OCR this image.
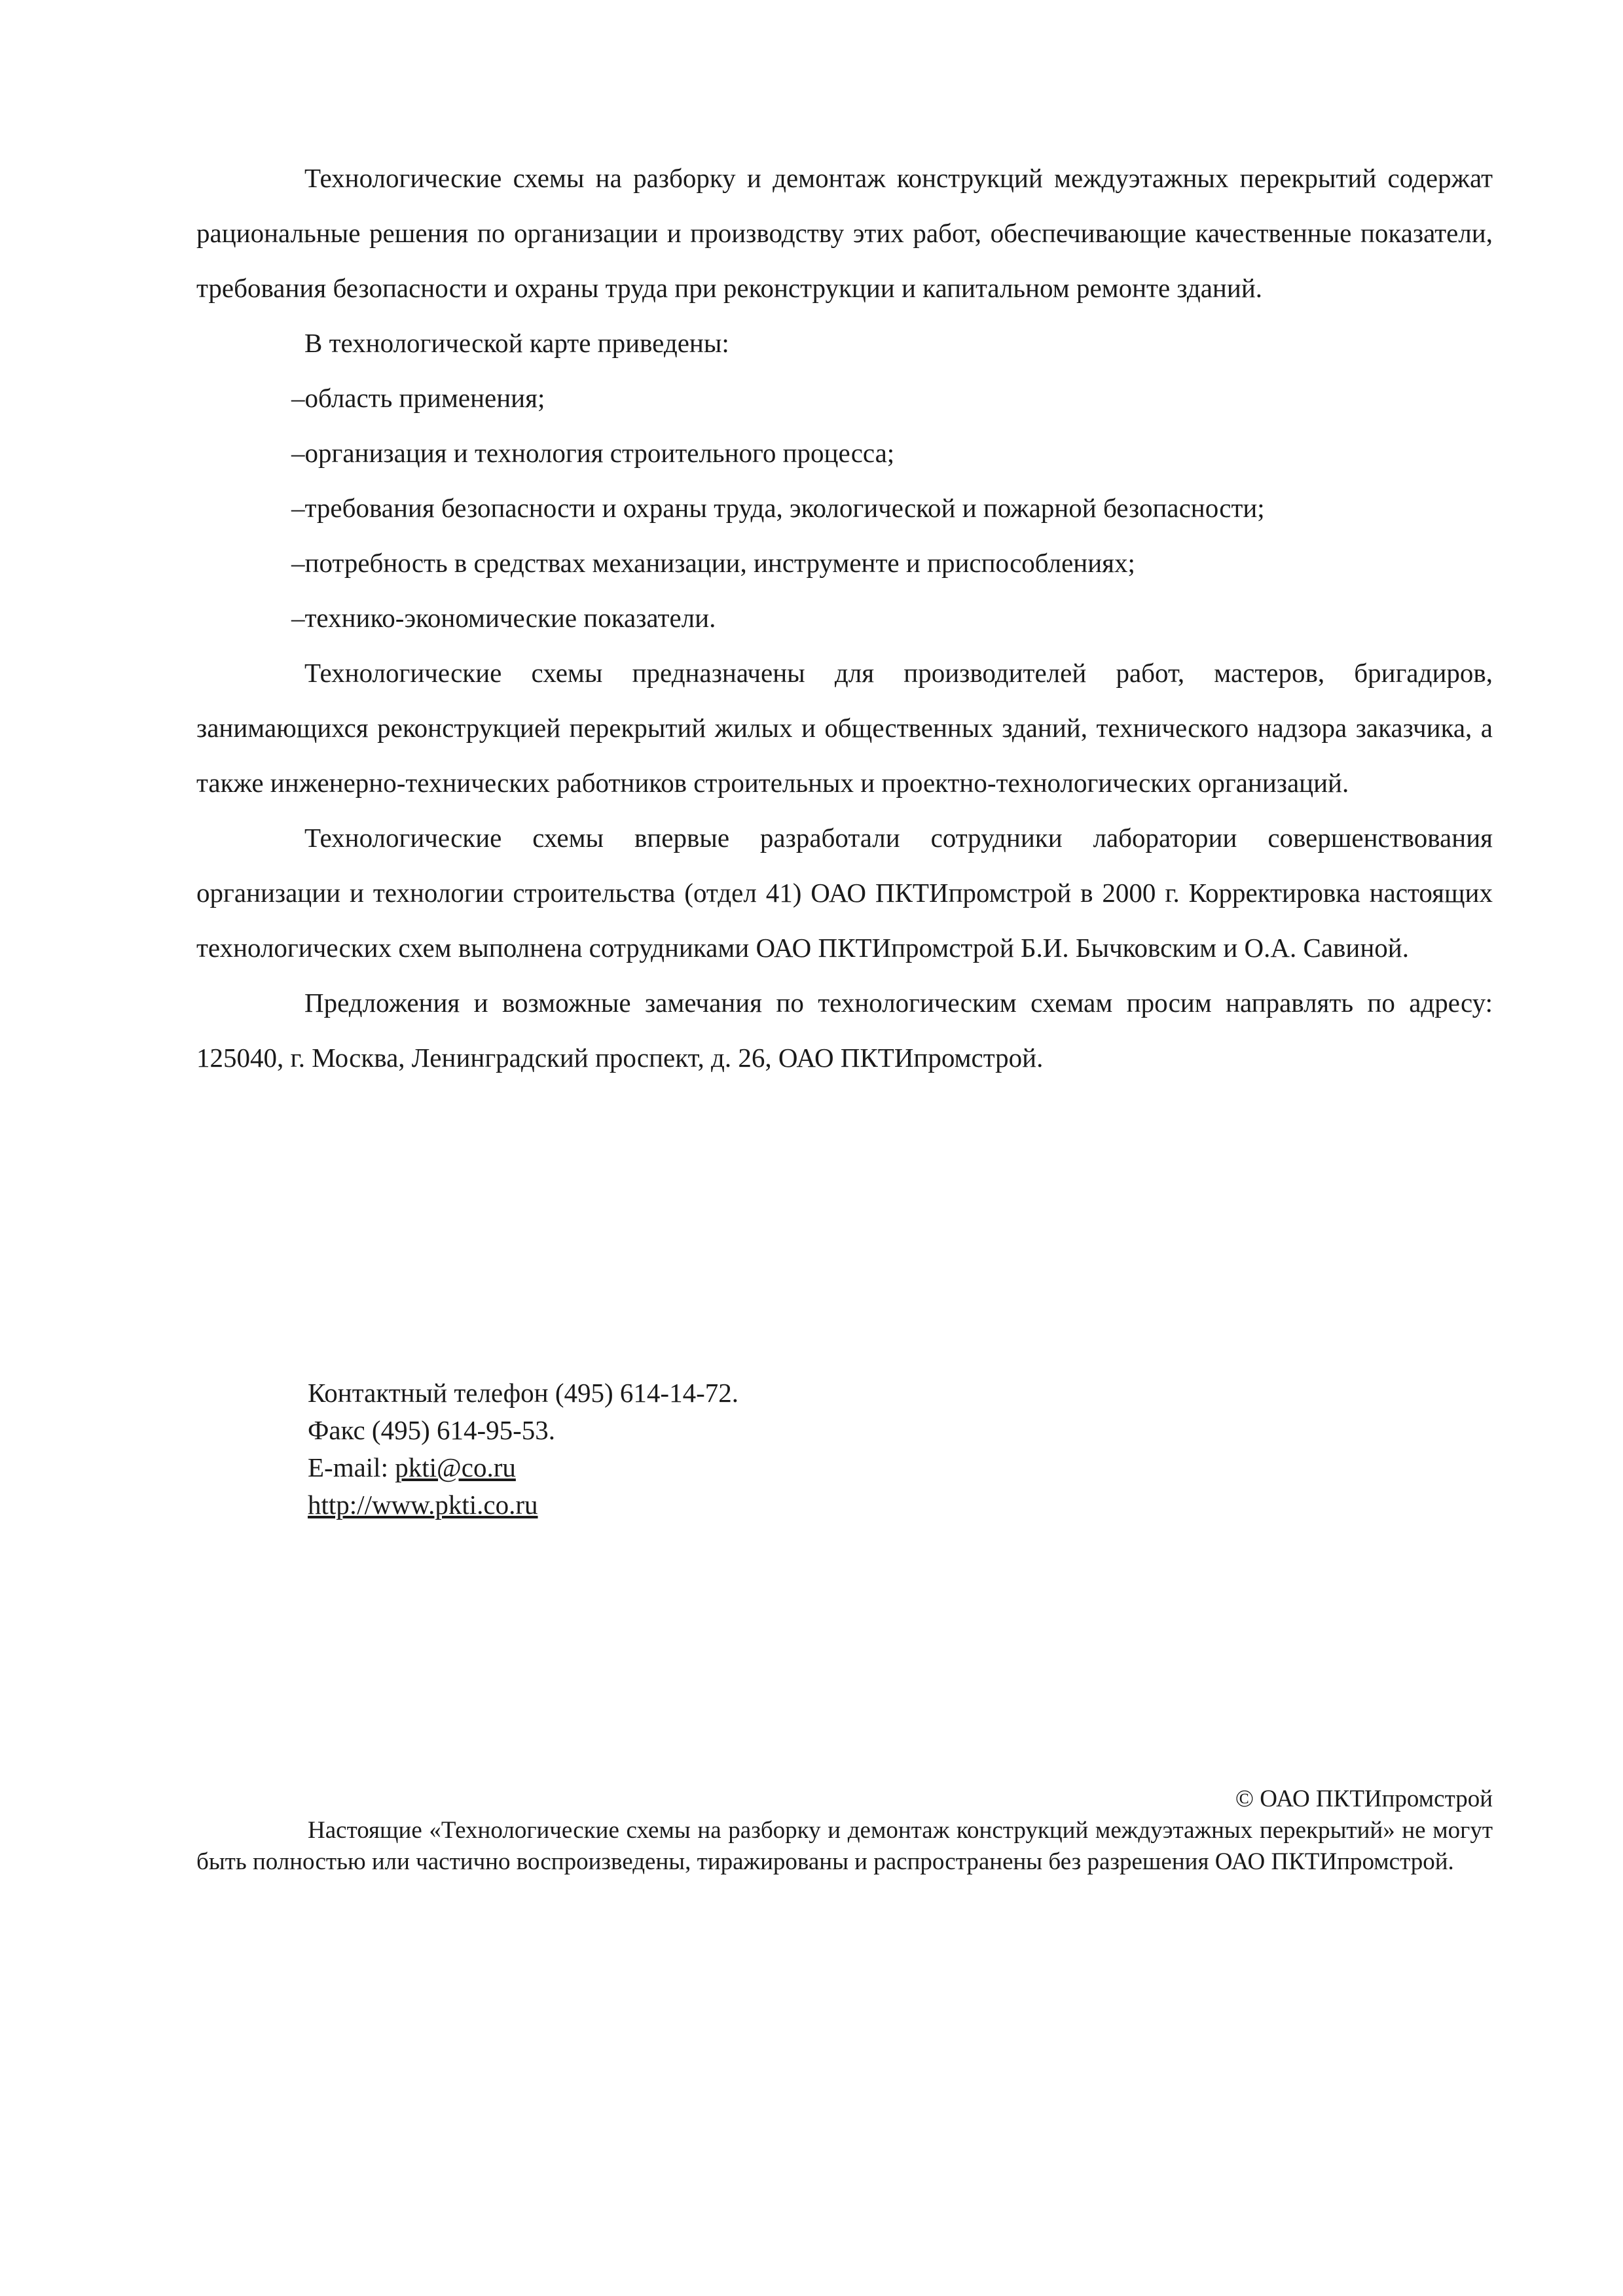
Технологические схемы на разборку и демонтаж конструкций междуэтажных перекрытий содержат рациональные решения по организации и производству этих работ, обеспечивающие качественные показатели, требования безопасности и охраны труда при реконструкции и капитальном ремонте зданий.

В технологической карте приведены:

–область применения;
–организация и технология строительного процесса;
–требования безопасности и охраны труда, экологической и пожарной безопасности;
–потребность в средствах механизации, инструменте и приспособлениях;
–технико-экономические показатели.

Технологические схемы предназначены для производителей работ, мастеров, бригадиров, занимающихся реконструкцией перекрытий жилых и общественных зданий, технического надзора заказчика, а также инженерно-технических работников строительных и проектно-технологических организаций.

Технологические схемы впервые разработали сотрудники лаборатории совершенствования организации и технологии строительства (отдел 41) ОАО ПКТИпромстрой в 2000 г. Корректировка настоящих технологических схем выполнена сотрудниками ОАО ПКТИпромстрой Б.И. Бычковским и О.А. Савиной.

Предложения и возможные замечания по технологическим схемам просим направлять по адресу: 125040, г. Москва, Ленинградский проспект, д. 26, ОАО ПКТИпромстрой.

Контактный телефон (495) 614-14-72.
Факс (495) 614-95-53.
E-mail: pkti@co.ru
http://www.pkti.co.ru
© ОАО ПКТИпромстрой

Настоящие «Технологические схемы на разборку и демонтаж конструкций междуэтажных перекрытий» не могут быть полностью или частично воспроизведены, тиражированы и распространены без разрешения ОАО ПКТИпромстрой.
